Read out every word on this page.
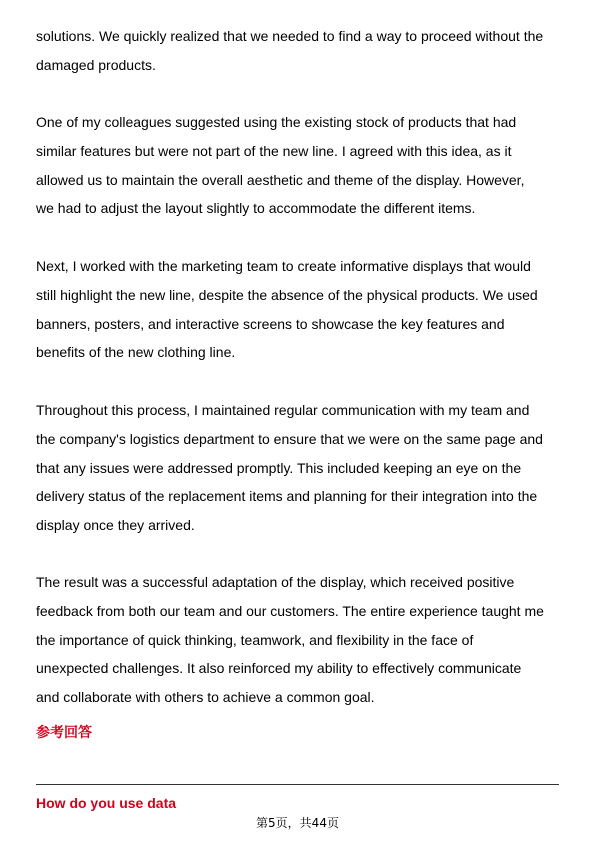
solutions. We quickly realized that we needed to find a way to proceed without the
damaged products.
One of my colleagues suggested using the existing stock of products that had
similar features but were not part of the new line. I agreed with this idea, as it
allowed us to maintain the overall aesthetic and theme of the display. However,
we had to adjust the layout slightly to accommodate the different items.
Next, I worked with the marketing team to create informative displays that would
still highlight the new line, despite the absence of the physical products. We used
banners, posters, and interactive screens to showcase the key features and
benefits of the new clothing line.
Throughout this process, I maintained regular communication with my team and
the company's logistics department to ensure that we were on the same page and
that any issues were addressed promptly. This included keeping an eye on the
delivery status of the replacement items and planning for their integration into the
display once they arrived.
The result was a successful adaptation of the display, which received positive
feedback from both our team and our customers. The entire experience taught me
the importance of quick thinking, teamwork, and flexibility in the face of
unexpected challenges. It also reinforced my ability to effectively communicate
and collaborate with others to achieve a common goal.
参考回答
How do you use data
第5页，共44页
